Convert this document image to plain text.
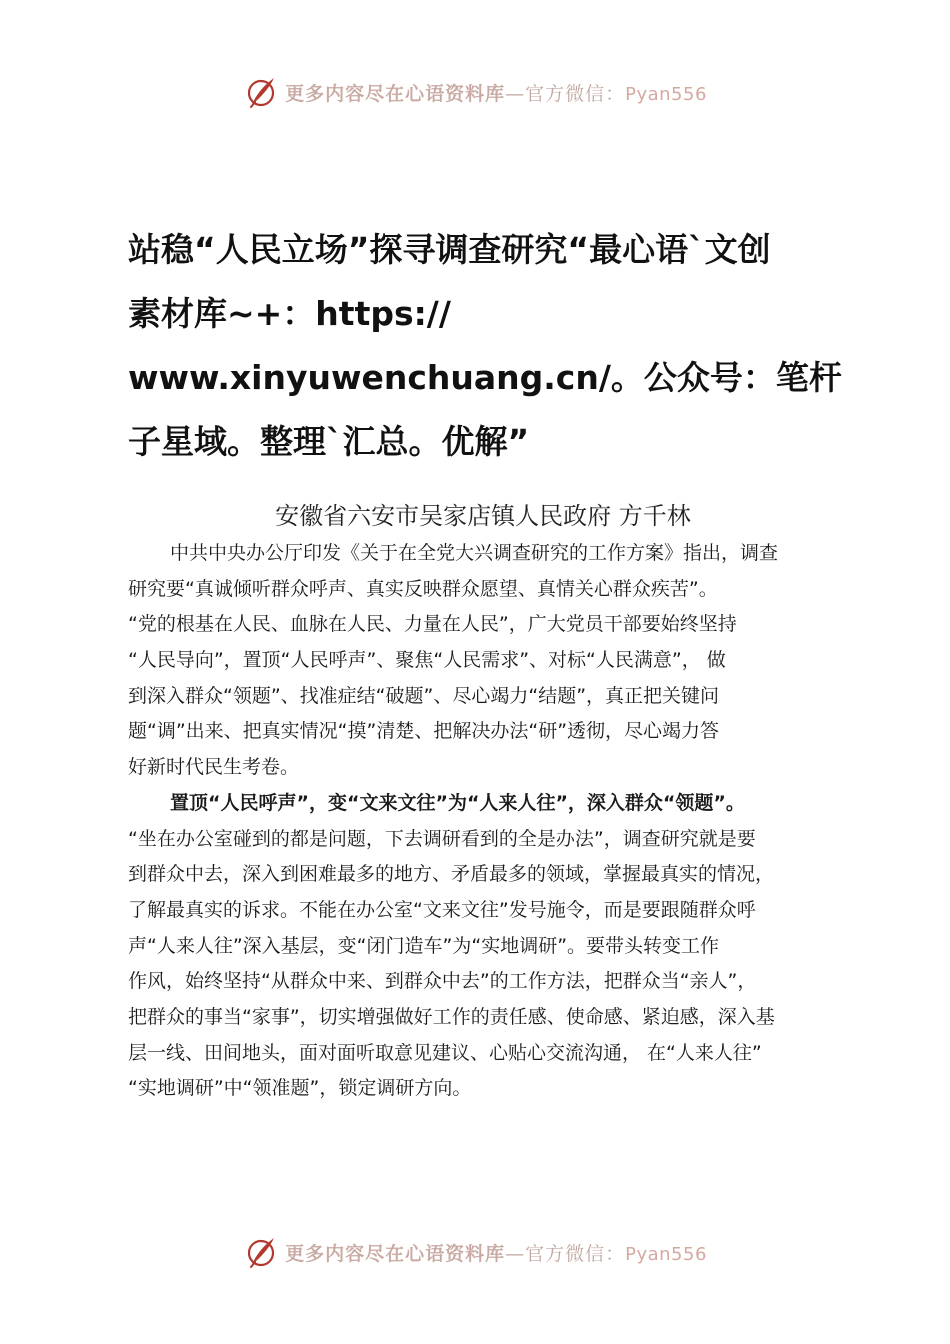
更多内容尽在心语资料库—官方微信：Pyan556
站稳“人民立场”探寻调查研究“最心语`文创
素材库~+：https://
www.xinyuwenchuang.cn/。公众号：笔杆
子星域。整理`汇总。优解”
安徽省六安市吴家店镇人民政府 方千林
中共中央办公厅印发《关于在全党大兴调查研究的工作方案》指出，调查
研究要“真诚倾听群众呼声、真实反映群众愿望、真情关心群众疾苦”。
“党的根基在人民、血脉在人民、力量在人民”，广大党员干部要始终坚持
“人民导向”，置顶“人民呼声”、聚焦“人民需求”、对标“人民满意”， 做
到深入群众“领题”、找准症结“破题”、尽心竭力“结题”，真正把关键问
题“调”出来、把真实情况“摸”清楚、把解决办法“研”透彻，尽心竭力答
好新时代民生考卷。
置顶“人民呼声”，变“文来文往”为“人来人往”，深入群众“领题”。
“坐在办公室碰到的都是问题，下去调研看到的全是办法”，调查研究就是要
到群众中去，深入到困难最多的地方、矛盾最多的领域，掌握最真实的情况，
了解最真实的诉求。不能在办公室“文来文往”发号施令，而是要跟随群众呼
声“人来人往”深入基层，变“闭门造车”为“实地调研”。要带头转变工作
作风，始终坚持“从群众中来、到群众中去”的工作方法，把群众当“亲人”，
把群众的事当“家事”，切实增强做好工作的责任感、使命感、紧迫感，深入基
层一线、田间地头，面对面听取意见建议、心贴心交流沟通， 在“人来人往”
“实地调研”中“领准题”，锁定调研方向。
更多内容尽在心语资料库—官方微信：Pyan556
